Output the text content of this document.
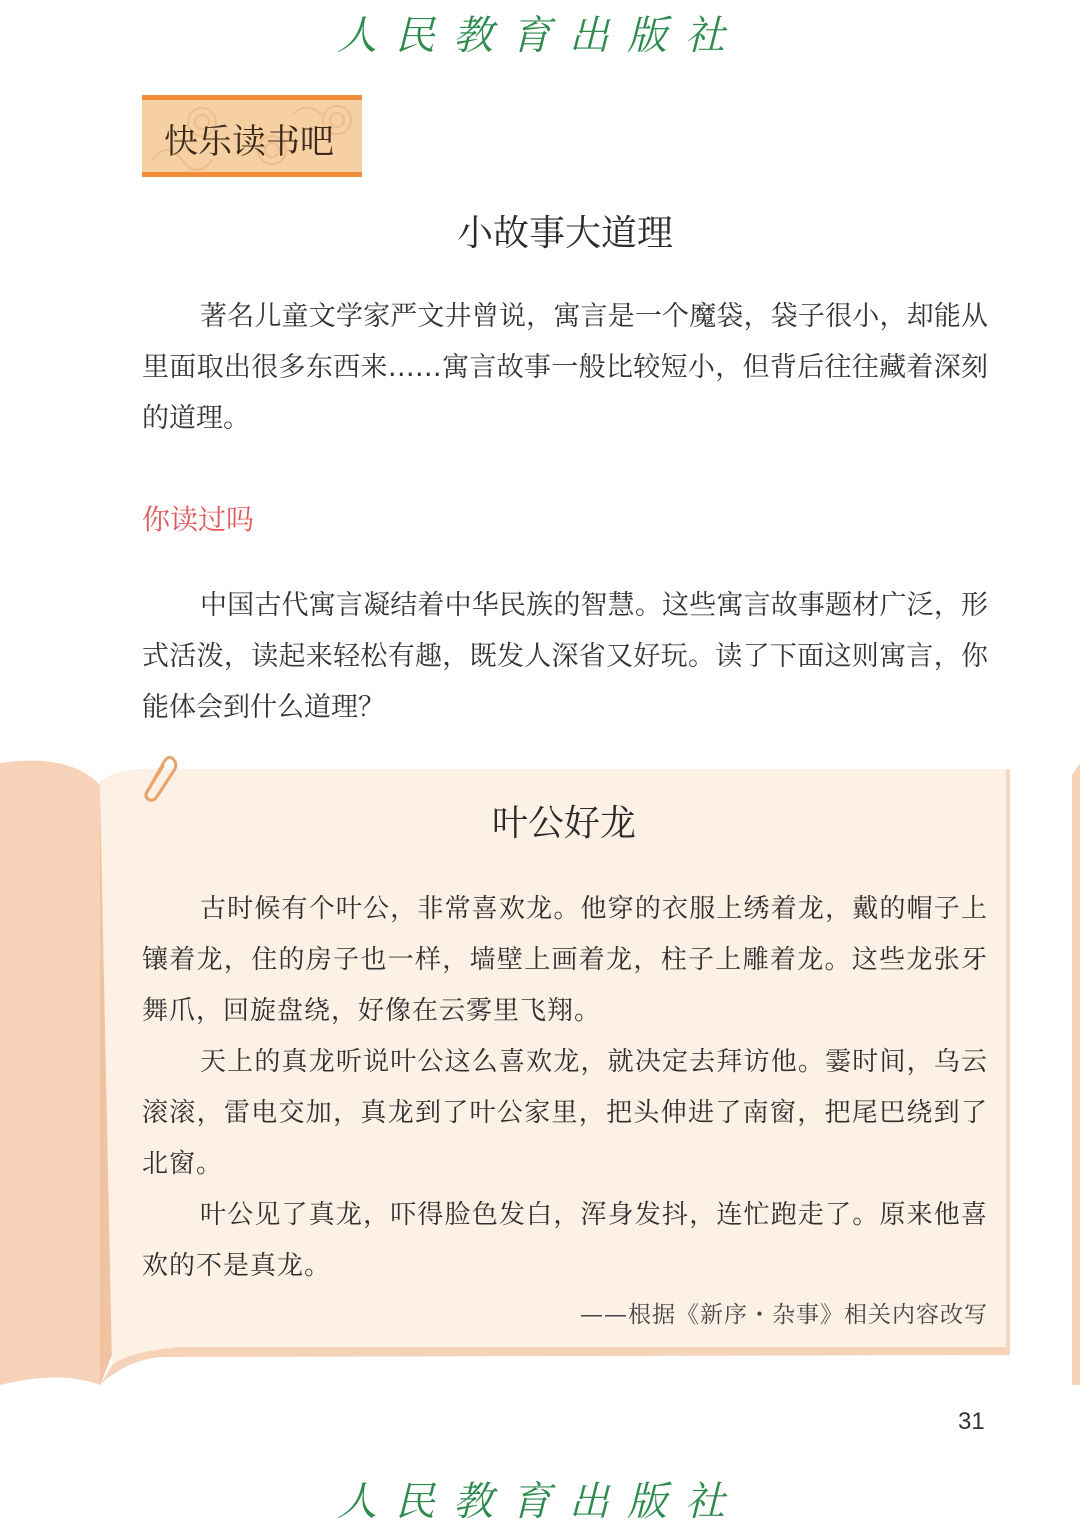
人民教育出版社
快乐读书吧
小故事大道理

著名儿童文学家严文井曾说，寓言是一个魔袋，袋子很小，却能从里面取出很多东西来……寓言故事一般比较短小，但背后往往藏着深刻的道理。

你读过吗

中国古代寓言凝结着中华民族的智慧。这些寓言故事题材广泛，形式活泼，读起来轻松有趣，既发人深省又好玩。读了下面这则寓言，你能体会到什么道理？

叶公好龙

古时候有个叶公，非常喜欢龙。他穿的衣服上绣着龙，戴的帽子上镶着龙，住的房子也一样，墙壁上画着龙，柱子上雕着龙。这些龙张牙舞爪，回旋盘绕，好像在云雾里飞翔。

天上的真龙听说叶公这么喜欢龙，就决定去拜访他。霎时间，乌云滚滚，雷电交加，真龙到了叶公家里，把头伸进了南窗，把尾巴绕到了北窗。

叶公见了真龙，吓得脸色发白，浑身发抖，连忙跑走了。原来他喜欢的不是真龙。

——根据《新序・杂事》相关内容改写
31
人民教育出版社
